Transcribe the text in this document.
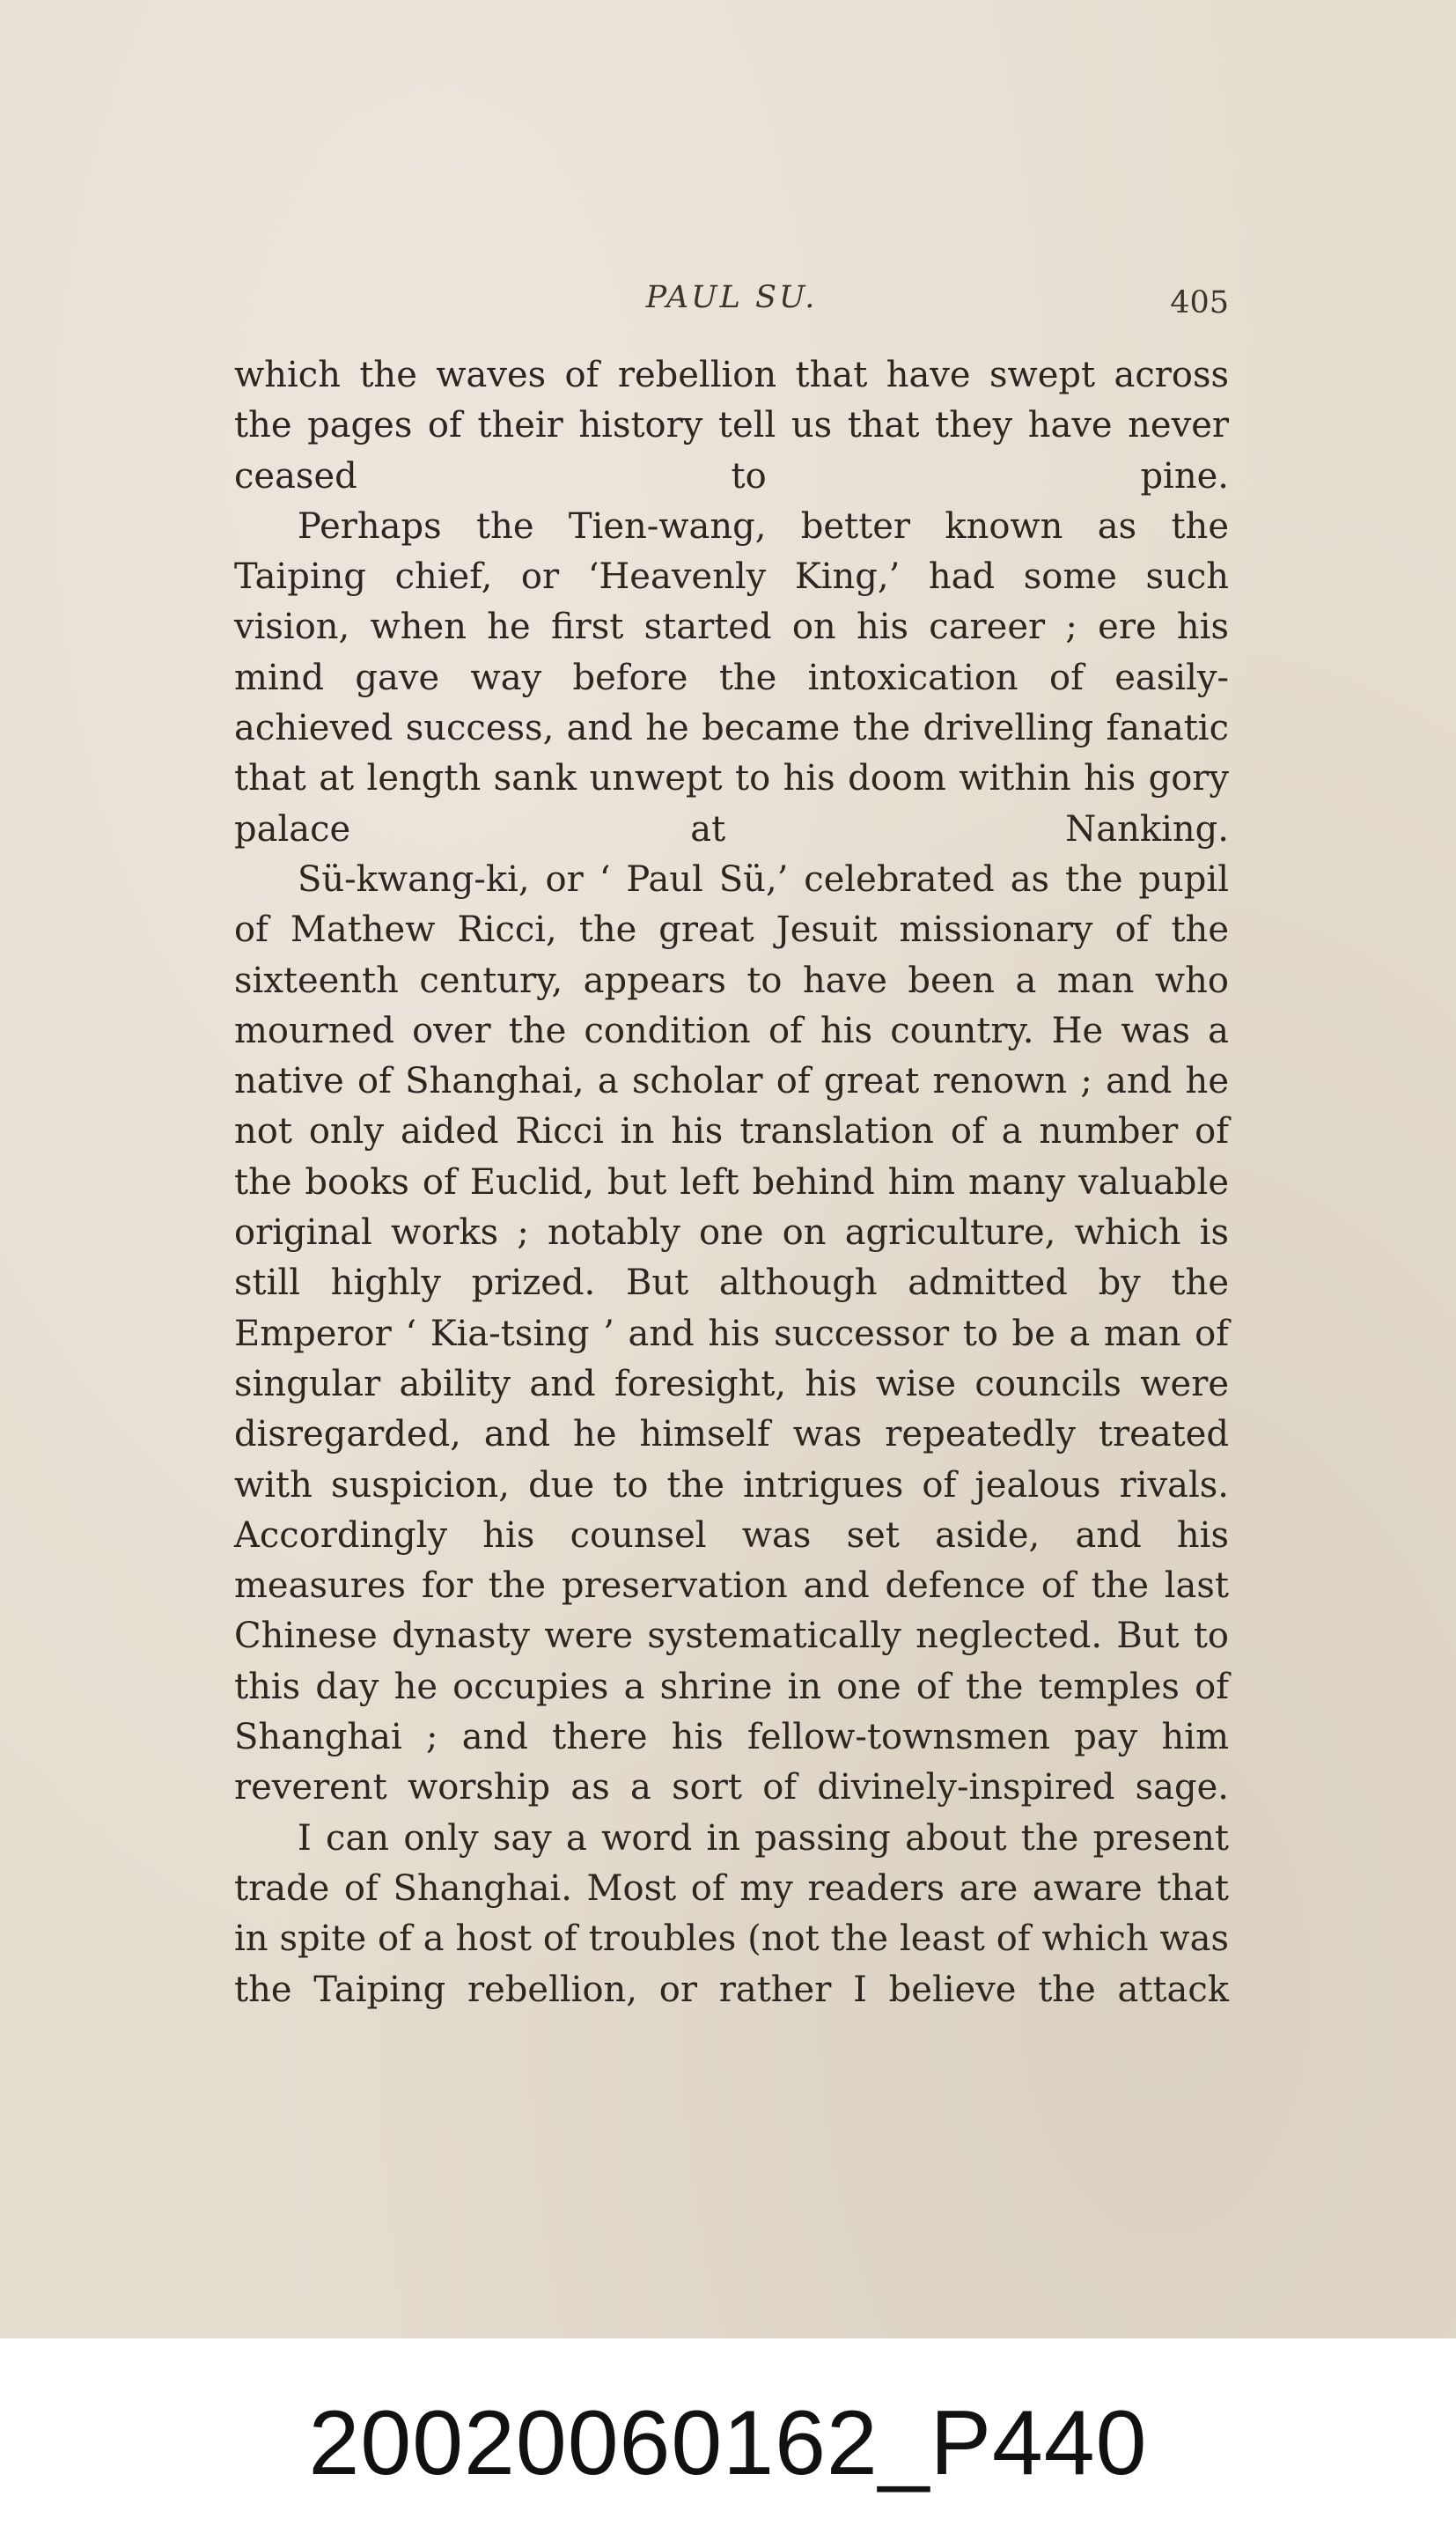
PAUL SU.	405

which the waves of rebellion that have swept across the pages of their history tell us that they have never ceased to pine.

Perhaps the Tien-wang, better known as the Taiping chief, or ‘Heavenly King,’ had some such vision, when he first started on his career ; ere his mind gave way before the intoxication of easily-achieved success, and he became the drivelling fanatic that at length sank unwept to his doom within his gory palace at Nanking.

Sü-kwang-ki, or ‘ Paul Sü,’ celebrated as the pupil of Mathew Ricci, the great Jesuit missionary of the sixteenth century, appears to have been a man who mourned over the condition of his country. He was a native of Shanghai, a scholar of great renown ; and he not only aided Ricci in his translation of a number of the books of Euclid, but left behind him many valuable original works ; notably one on agriculture, which is still highly prized. But although admitted by the Emperor ‘ Kia-tsing ’ and his successor to be a man of singular ability and foresight, his wise councils were disregarded, and he himself was repeatedly treated with suspicion, due to the intrigues of jealous rivals. Accordingly his counsel was set aside, and his measures for the preservation and defence of the last Chinese dynasty were systematically neglected. But to this day he occupies a shrine in one of the temples of Shanghai ; and there his fellow-townsmen pay him reverent worship as a sort of divinely-inspired sage.

I can only say a word in passing about the present trade of Shanghai. Most of my readers are aware that in spite of a host of troubles (not the least of which was the Taiping rebellion, or rather I believe the attack

20020060162_P440
